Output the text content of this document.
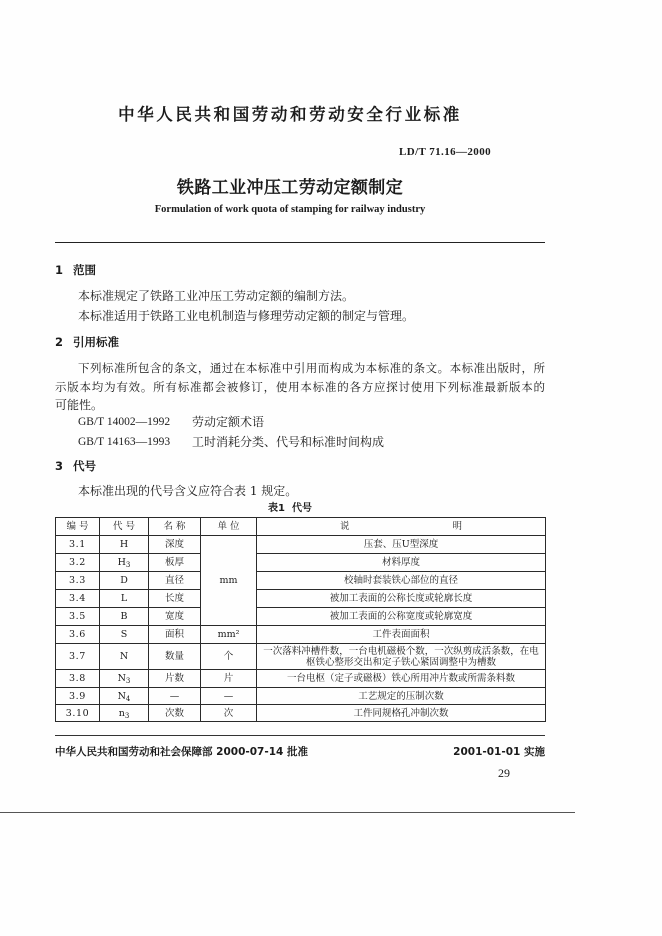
中华人民共和国劳动和劳动安全行业标准
LD/T 71.16—2000
铁路工业冲压工劳动定额制定
Formulation of work quota of stamping for railway industry
1 范围
本标准规定了铁路工业冲压工劳动定额的编制方法。
本标准适用于铁路工业电机制造与修理劳动定额的制定与管理。
2 引用标准
下列标准所包含的条文，通过在本标准中引用而构成为本标准的条文。本标准出版时，所
示版本均为有效。所有标准都会被修订，使用本标准的各方应探讨使用下列标准最新版本的
可能性。
GB/T 14002—1992 劳动定额术语
GB/T 14163—1993 工时消耗分类、代号和标准时间构成
3 代号
本标准出现的代号含义应符合表 1 规定。
表1  代号
编 号	代 号	名 称	单 位	说 明
3.1	H	深度	mm	压套、压U型深度
3.2	$H_3$	板厚		材料厚度
3.3	D	直径		校轴时套装铁心部位的直径
3.4	L	长度		被加工表面的公称长度或轮廓长度
3.5	B	宽度		被加工表面的公称宽度或轮廓宽度
3.6	S	面积	mm²	工件表面面积
3.7	N	数量	个	一次落料冲槽件数，一台电机磁极个数，一次纵剪成活条数，在电枢铁心整形交出和定子铁心紧固调整中为槽数
3.8	$N_3$	片数	片	一台电枢（定子或磁极）铁心所用冲片数或所需条料数
3.9	$N_4$	—	—	工艺规定的压制次数
3.10	$n_3$	次数	次	工件同规格孔冲制次数
中华人民共和国劳动和社会保障部 2000-07-14 批准	2001-01-01 实施
29
